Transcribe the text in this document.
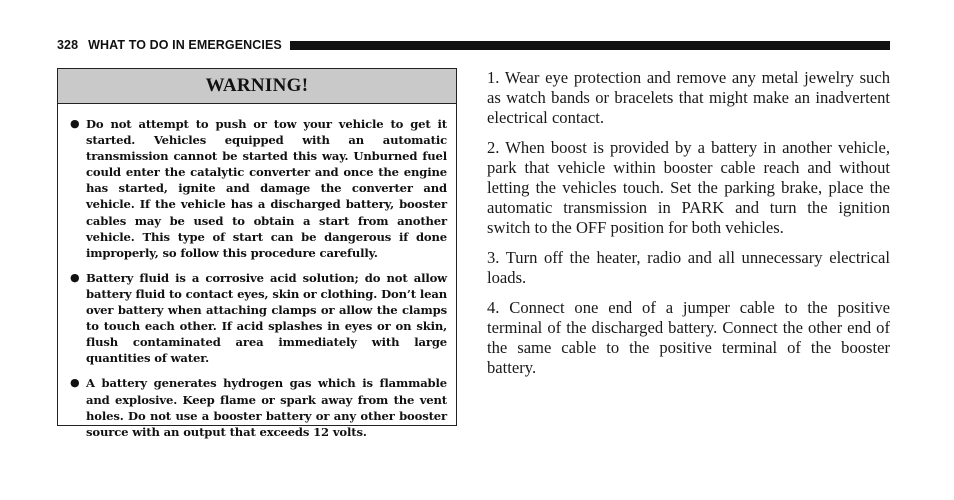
328 WHAT TO DO IN EMERGENCIES
WARNING!
● Do not attempt to push or tow your vehicle to get it started. Vehicles equipped with an automatic transmission cannot be started this way. Unburned fuel could enter the catalytic converter and once the engine has started, ignite and damage the converter and vehicle. If the vehicle has a discharged battery, booster cables may be used to obtain a start from another vehicle. This type of start can be dangerous if done improperly, so follow this procedure carefully.
● Battery fluid is a corrosive acid solution; do not allow battery fluid to contact eyes, skin or clothing. Don’t lean over battery when attaching clamps or allow the clamps to touch each other. If acid splashes in eyes or on skin, flush contaminated area immediately with large quantities of water.
● A battery generates hydrogen gas which is flammable and explosive. Keep flame or spark away from the vent holes. Do not use a booster battery or any other booster source with an output that exceeds 12 volts.

1. Wear eye protection and remove any metal jewelry such as watch bands or bracelets that might make an inadvertent electrical contact.

2. When boost is provided by a battery in another vehicle, park that vehicle within booster cable reach and without letting the vehicles touch. Set the parking brake, place the automatic transmission in PARK and turn the ignition switch to the OFF position for both vehicles.

3. Turn off the heater, radio and all unnecessary electrical loads.

4. Connect one end of a jumper cable to the positive terminal of the discharged battery. Connect the other end of the same cable to the positive terminal of the booster battery.
